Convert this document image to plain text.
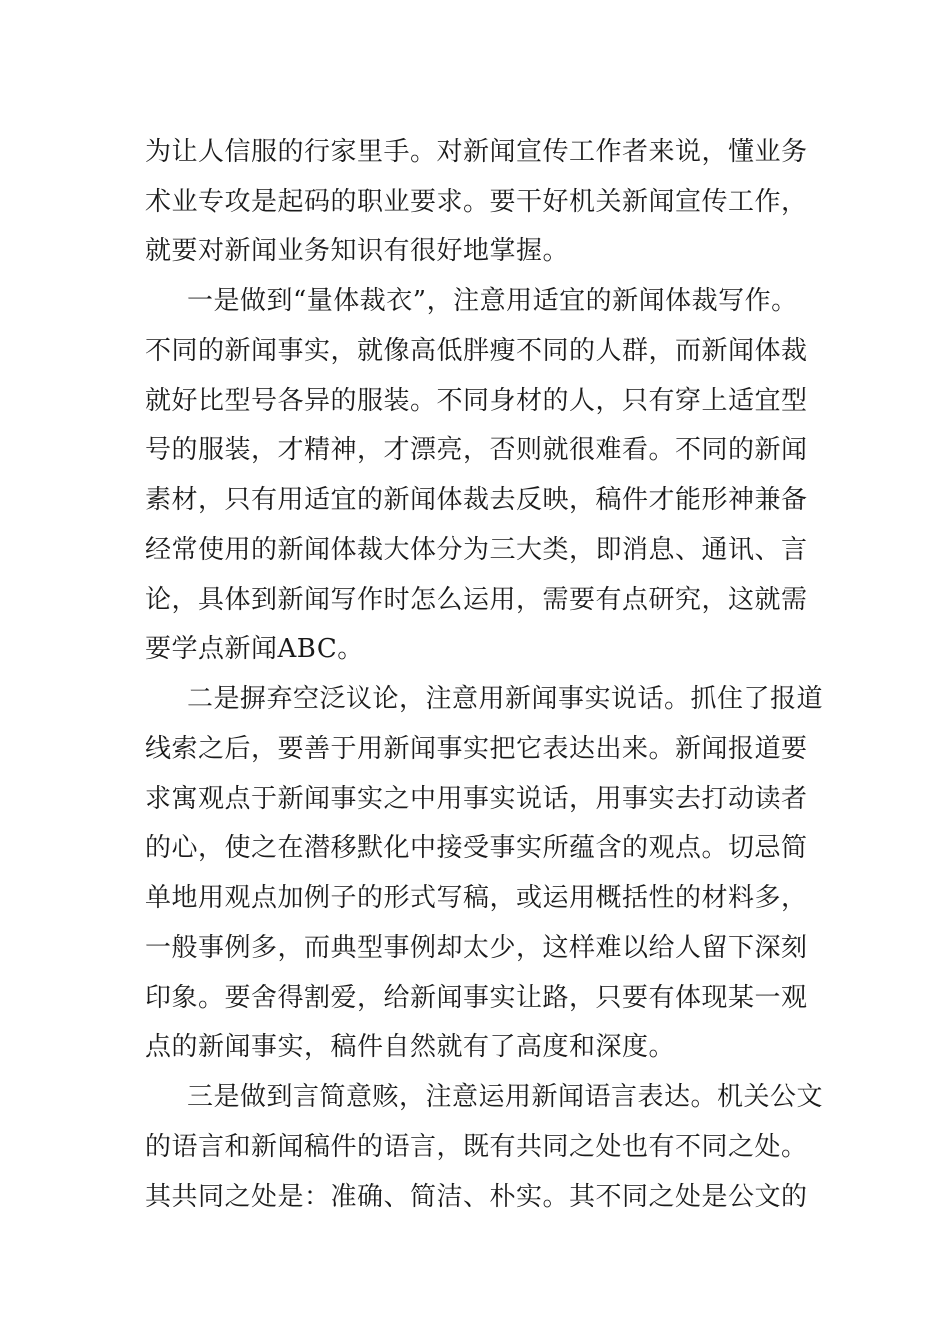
为让人信服的行家里手。对新闻宣传工作者来说，懂业务
术业专攻是起码的职业要求。要干好机关新闻宣传工作，
就要对新闻业务知识有很好地掌握。
一是做到“量体裁衣”，注意用适宜的新闻体裁写作。
不同的新闻事实，就像高低胖瘦不同的人群，而新闻体裁
就好比型号各异的服装。不同身材的人，只有穿上适宜型
号的服装，才精神，才漂亮，否则就很难看。不同的新闻
素材，只有用适宜的新闻体裁去反映，稿件才能形神兼备
经常使用的新闻体裁大体分为三大类，即消息、通讯、言
论，具体到新闻写作时怎么运用，需要有点研究，这就需
要学点新闻ABC。
二是摒弃空泛议论，注意用新闻事实说话。抓住了报道
线索之后，要善于用新闻事实把它表达出来。新闻报道要
求寓观点于新闻事实之中用事实说话，用事实去打动读者
的心，使之在潜移默化中接受事实所蕴含的观点。切忌简
单地用观点加例子的形式写稿，或运用概括性的材料多，
一般事例多，而典型事例却太少，这样难以给人留下深刻
印象。要舍得割爱，给新闻事实让路，只要有体现某一观
点的新闻事实，稿件自然就有了高度和深度。
三是做到言简意赅，注意运用新闻语言表达。机关公文
的语言和新闻稿件的语言，既有共同之处也有不同之处。
其共同之处是：准确、简洁、朴实。其不同之处是公文的
